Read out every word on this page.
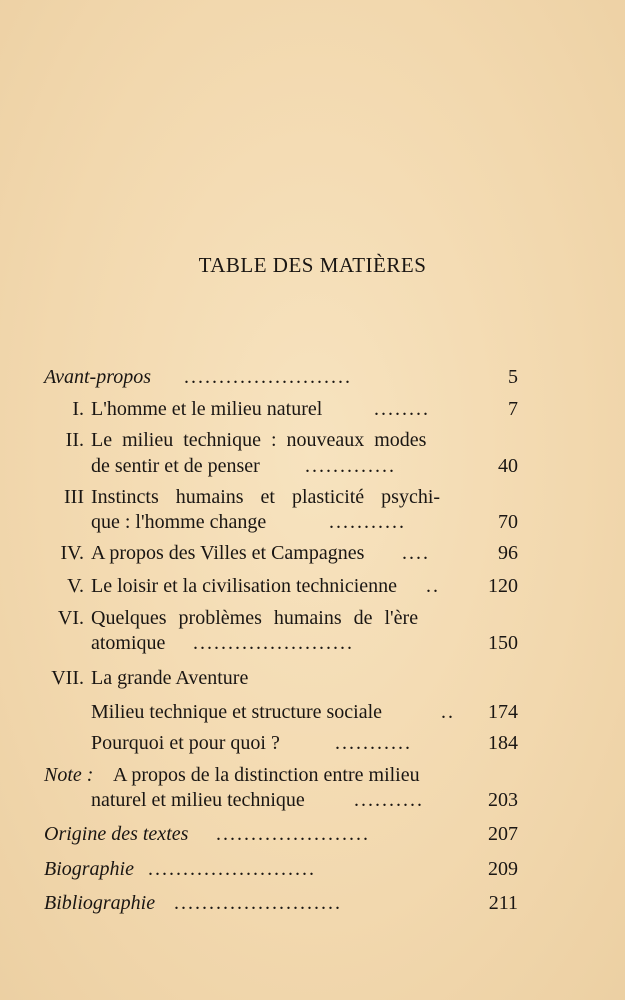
TABLE DES MATIÈRES
Avant-propos ........................	5
I. L'homme et le milieu naturel	........	7
II. Le milieu technique : nouveaux modes
de sentir et de penser .............	40
III Instincts humains et plasticité psychi-
que : l'homme change	...........	70
IV. A propos des Villes et Campagnes ....	96
V. Le loisir et la civilisation technicienne ..	120
VI. Quelques problèmes humains de l'ère
atomique .......................	150
VII. La grande Aventure
Milieu technique et structure sociale	..	174
Pourquoi et pour quoi ?	...........	184
Note : A propos de la distinction entre milieu
naturel et milieu technique ..........	203
Origine des textes ......................	207
Biographie ........................	209
Bibliographie ........................	211
